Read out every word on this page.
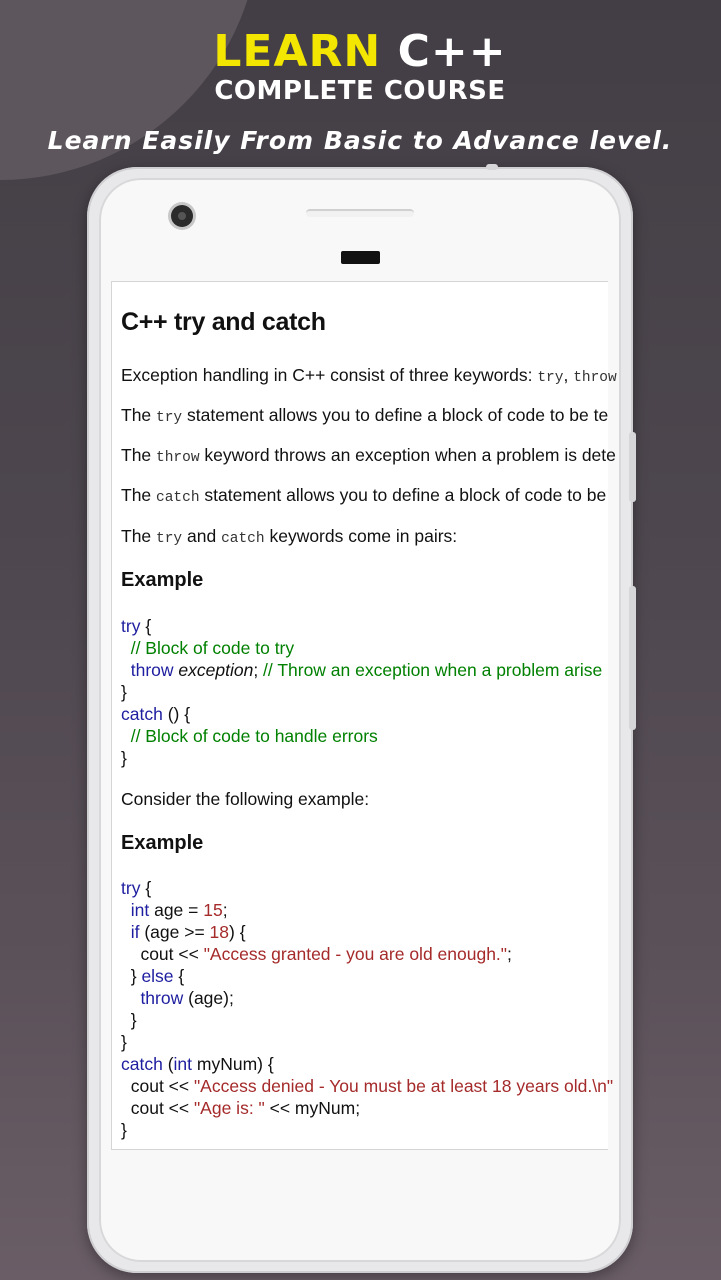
LEARN C++
COMPLETE COURSE
Learn Easily From Basic to Advance level.
C++ try and catch
Exception handling in C++ consist of three keywords: try, throw
The try statement allows you to define a block of code to be te
The throw keyword throws an exception when a problem is dete
The catch statement allows you to define a block of code to be
The try and catch keywords come in pairs:
Example
try {
// Block of code to try
throw exception; // Throw an exception when a problem arise
}
catch () {
// Block of code to handle errors
}
Consider the following example:
Example
try {
int age = 15;
if (age >= 18) {
cout << "Access granted - you are old enough.";
} else {
throw (age);
}
}
catch (int myNum) {
cout << "Access denied - You must be at least 18 years old.\n"
cout << "Age is: " << myNum;
}
